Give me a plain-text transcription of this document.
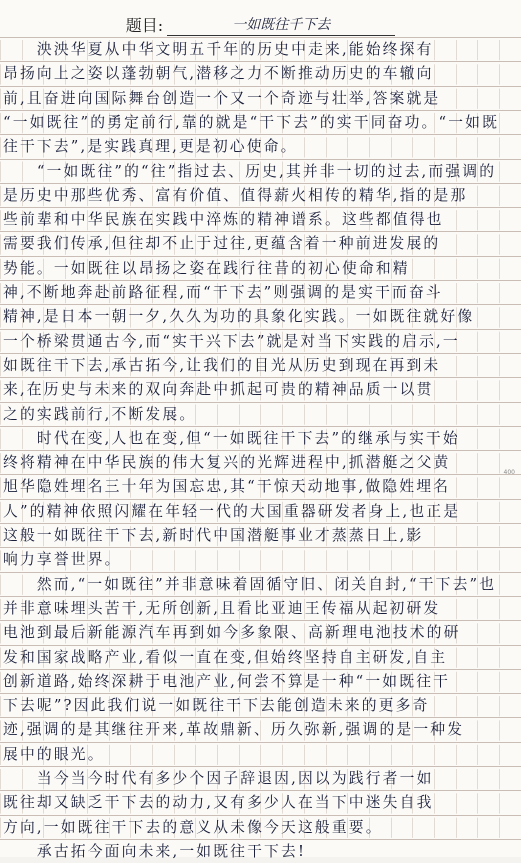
题目:	一如既往千下去
　　泱泱华夏从中华文明五千年的历史中走来,能始终探有
昂扬向上之姿以蓬勃朝气,潜移之力不断推动历史的车辙向
前,且奋进向国际舞台创造一个又一个奇迹与壮举,答案就是
“一如既往”的勇定前行,靠的就是“干下去”的实干同奋功。“一如既
往干下去”,是实践真理,更是初心使命。
　　“一如既往”的“往”指过去、历史,其并非一切的过去,而强调的
是历史中那些优秀、富有价值、值得薪火相传的精华,指的是那
些前辈和中华民族在实践中淬炼的精神谱系。这些都值得也
需要我们传承,但往却不止于过往,更蕴含着一种前进发展的
势能。一如既往以昂扬之姿在践行往昔的初心使命和精
神,不断地奔赴前路征程,而“干下去”则强调的是实干而奋斗
精神,是日本一朝一夕,久久为功的具象化实践。一如既往就好像
一个桥梁贯通古今,而“实干兴下去”就是对当下实践的启示,一
如既往干下去,承古拓今,让我们的目光从历史到现在再到未
来,在历史与未来的双向奔赴中抓起可贵的精神品质一以贯
之的实践前行,不断发展。
　　时代在变,人也在变,但“一如既往干下去”的继承与实干始
终将精神在中华民族的伟大复兴的光辉进程中,抓潜艇之父黄
旭华隐姓埋名三十年为国忘忠,其“干惊天动地事,做隐姓埋名
人”的精神依照闪耀在年轻一代的大国重器研发者身上,也正是
这般一如既往干下去,新时代中国潜艇事业才蒸蒸日上,影
响力享誉世界。
　　然而,“一如既往”并非意味着固循守旧、闭关自封,“干下去”也
并非意味埋头苦干,无所创新,且看比亚迪王传福从起初研发
电池到最后新能源汽车再到如今多象限、高新理电池技术的研
发和国家战略产业,看似一直在变,但始终坚持自主研发,自主
创新道路,始终深耕于电池产业,何尝不算是一种“一如既往干
下去呢”?因此我们说一如既往干下去能创造未来的更多奇
迹,强调的是其继往开来,革故鼎新、历久弥新,强调的是一种发
展中的眼光。
　　当今当今时代有多少个因子辞退因,因以为践行者一如
既往却又缺乏干下去的动力,又有多少人在当下中迷失自我
方向,一如既往干下去的意义从未像今天这般重要。
　　承古拓今面向未来,一如既往干下去!
400
